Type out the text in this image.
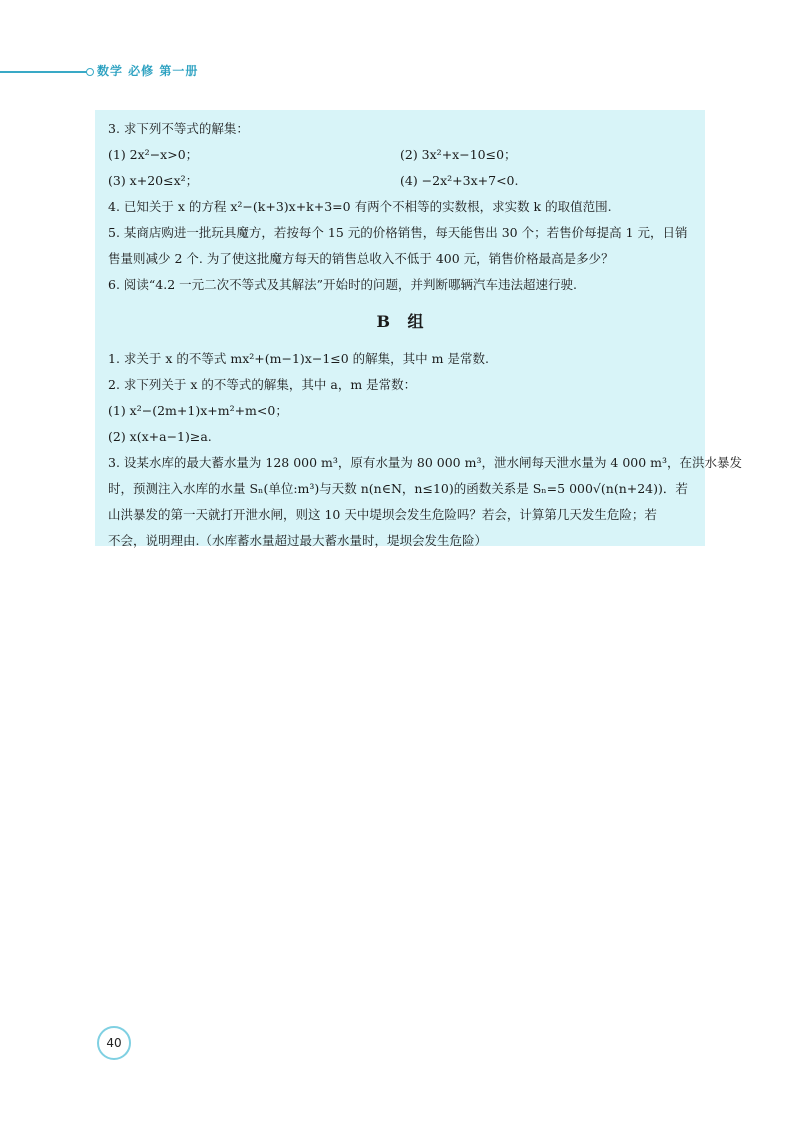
数学 必修 第一册
3. 求下列不等式的解集：
(1) 2x²−x>0；	(2) 3x²+x−10≤0；
(3) x+20≤x²；	(4) −2x²+3x+7<0.
4. 已知关于 x 的方程 x²−(k+3)x+k+3=0 有两个不相等的实数根，求实数 k 的取值范围.
5. 某商店购进一批玩具魔方，若按每个 15 元的价格销售，每天能售出 30 个；若售价每提高 1 元，日销
售量则减少 2 个. 为了使这批魔方每天的销售总收入不低于 400 元，销售价格最高是多少？
6. 阅读“4.2 一元二次不等式及其解法”开始时的问题，并判断哪辆汽车违法超速行驶.
B 组
1. 求关于 x 的不等式 mx²+(m−1)x−1≤0 的解集，其中 m 是常数.
2. 求下列关于 x 的不等式的解集，其中 a，m 是常数：
(1) x²−(2m+1)x+m²+m<0；
(2) x(x+a−1)≥a.
3. 设某水库的最大蓄水量为 128 000 m³，原有水量为 80 000 m³，泄水闸每天泄水量为 4 000 m³，在洪水暴发
时，预测注入水库的水量 Sₙ(单位:m³)与天数 n(n∈N，n≤10)的函数关系是 Sₙ=5 000√(n(n+24))．若
山洪暴发的第一天就打开泄水闸，则这 10 天中堤坝会发生危险吗？若会，计算第几天发生危险；若
不会，说明理由.（水库蓄水量超过最大蓄水量时，堤坝会发生危险）
40
